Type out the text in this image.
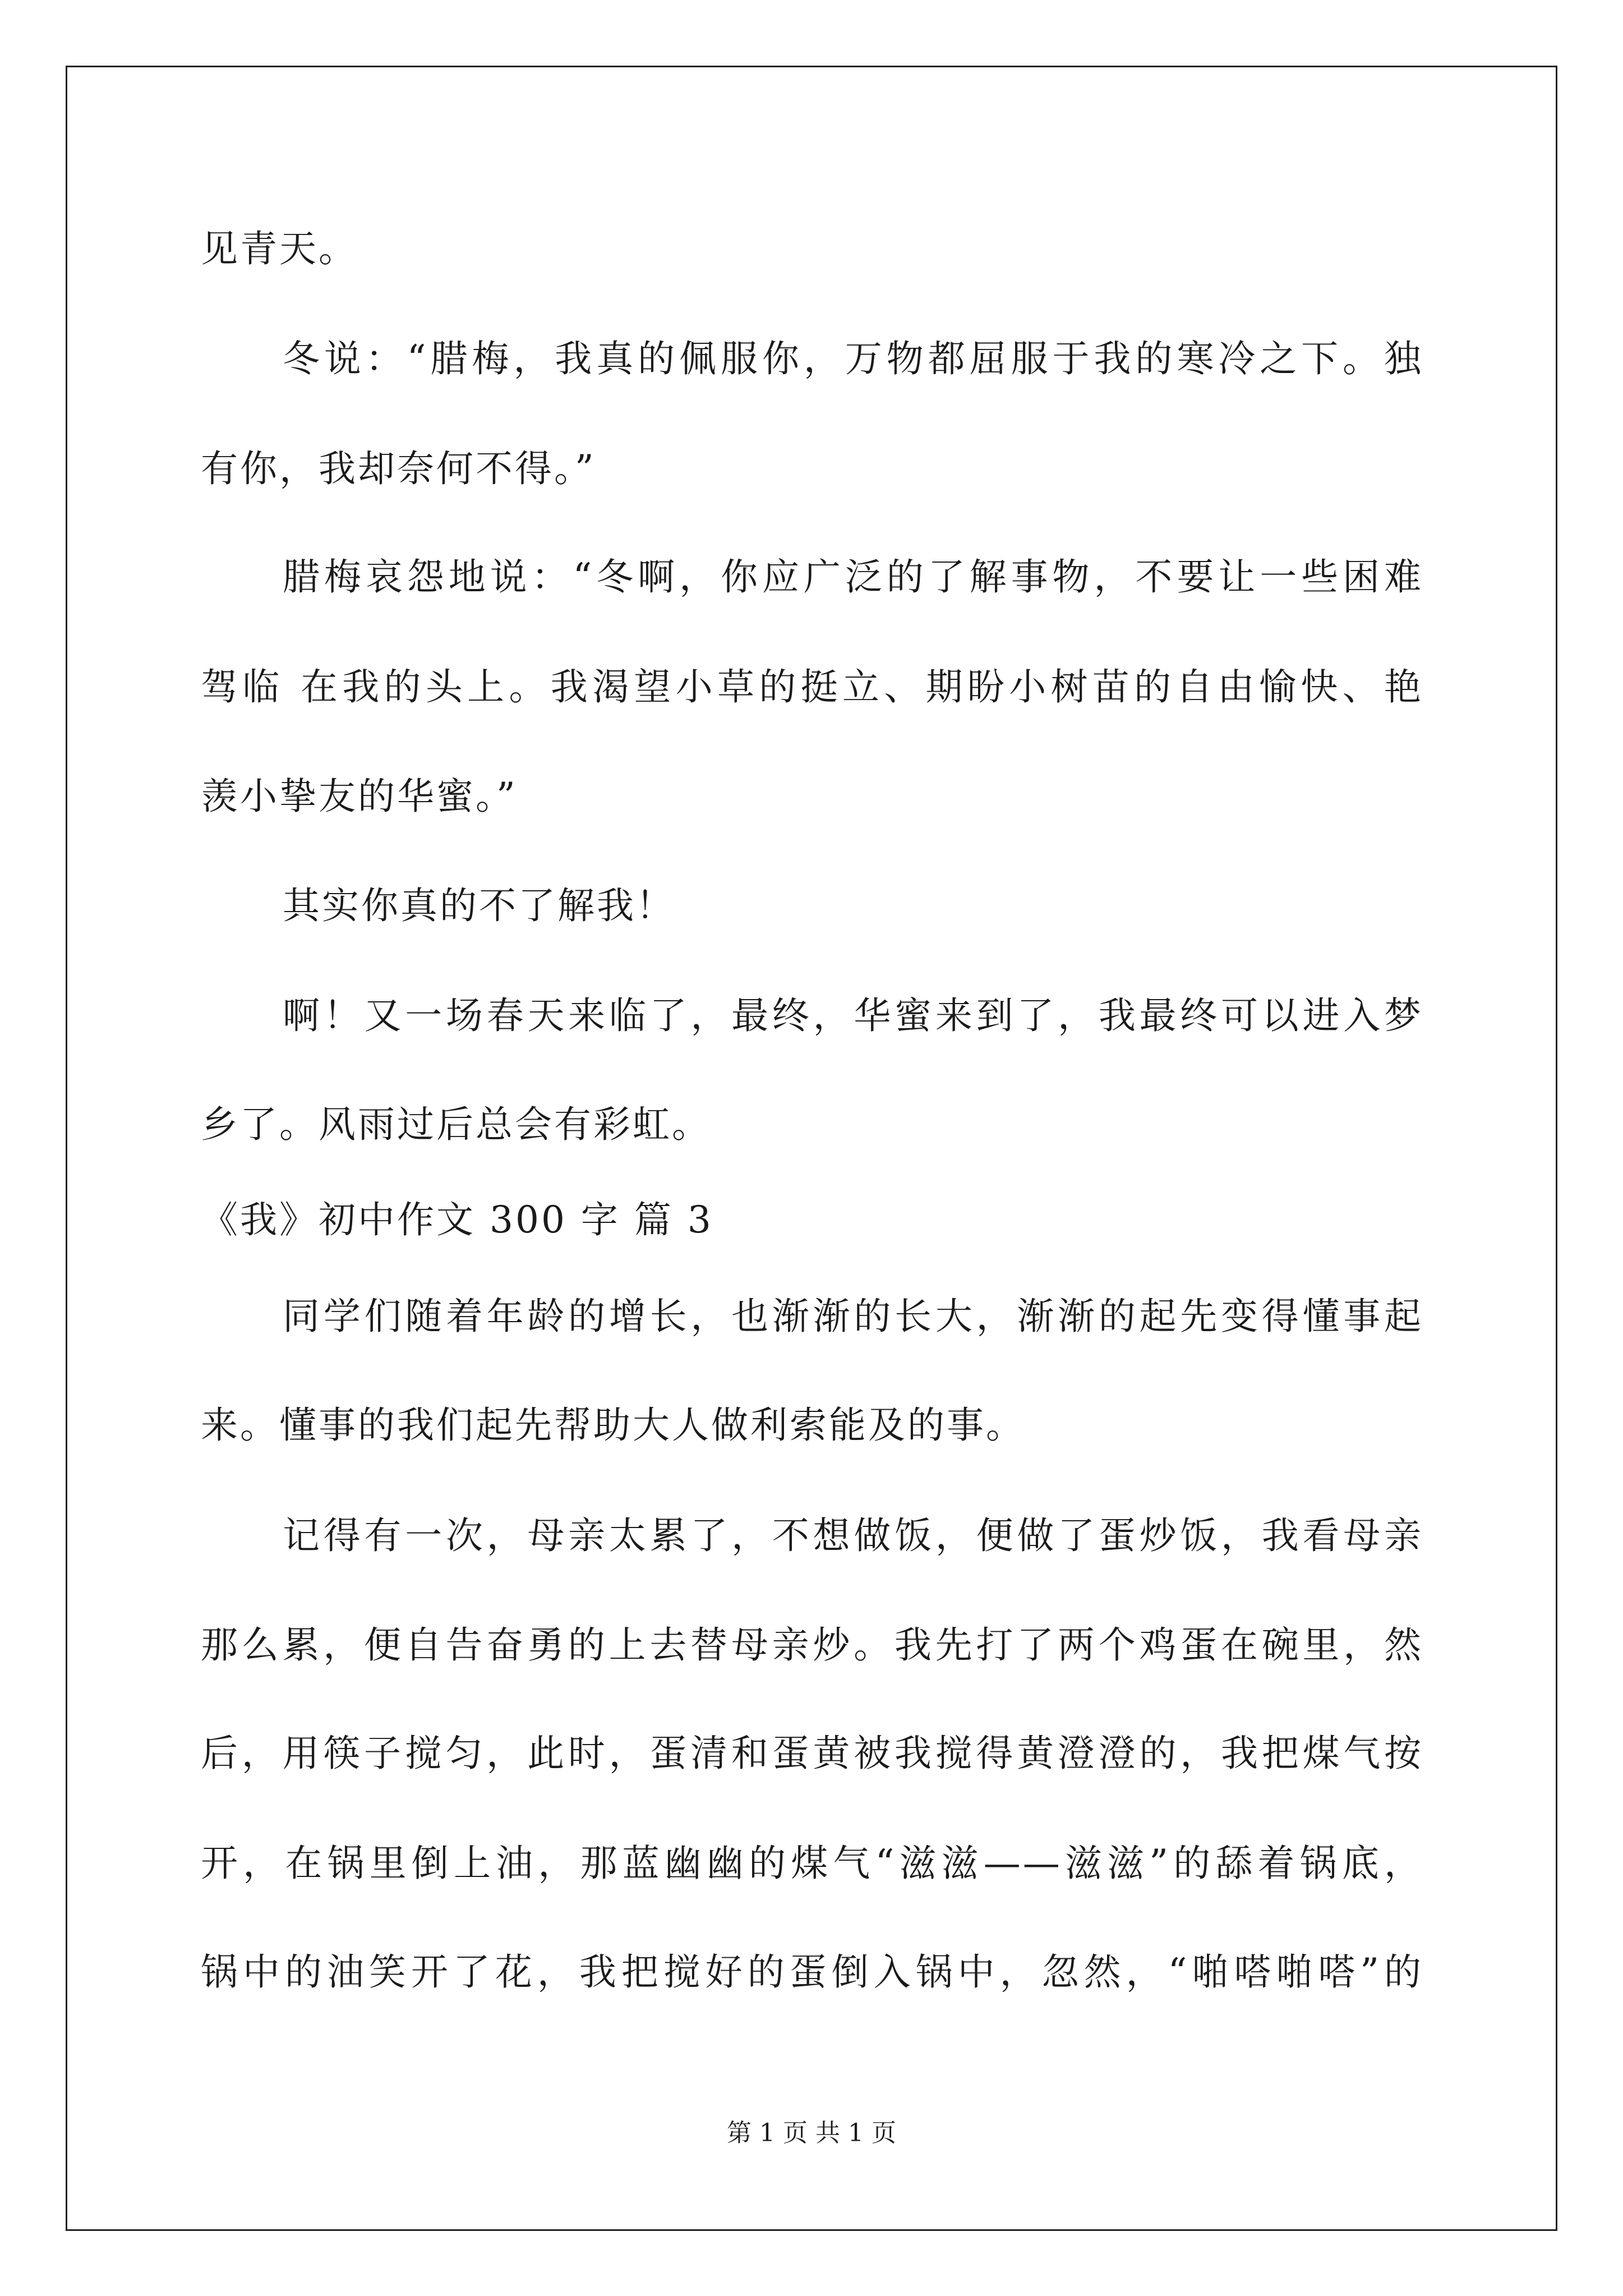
见青天。
冬说：“腊梅，我真的佩服你，万物都屈服于我的寒冷之下。独
有你，我却奈何不得。”
腊梅哀怨地说：“冬啊，你应广泛的了解事物，不要让一些困难
驾临 在我的头上。我渴望小草的挺立、期盼小树苗的自由愉快、艳
羡小挚友的华蜜。”
其实你真的不了解我！
啊！又一场春天来临了，最终，华蜜来到了，我最终可以进入梦
乡了。风雨过后总会有彩虹。
《我》初中作文 300 字 篇 3
同学们随着年龄的增长，也渐渐的长大，渐渐的起先变得懂事起
来。懂事的我们起先帮助大人做利索能及的事。
记得有一次，母亲太累了，不想做饭，便做了蛋炒饭，我看母亲
那么累，便自告奋勇的上去替母亲炒。我先打了两个鸡蛋在碗里，然
后，用筷子搅匀，此时，蛋清和蛋黄被我搅得黄澄澄的，我把煤气按
开，在锅里倒上油，那蓝幽幽的煤气“滋滋——滋滋”的舔着锅底，
锅中的油笑开了花，我把搅好的蛋倒入锅中，忽然，“啪嗒啪嗒”的
第 1 页 共 1 页
